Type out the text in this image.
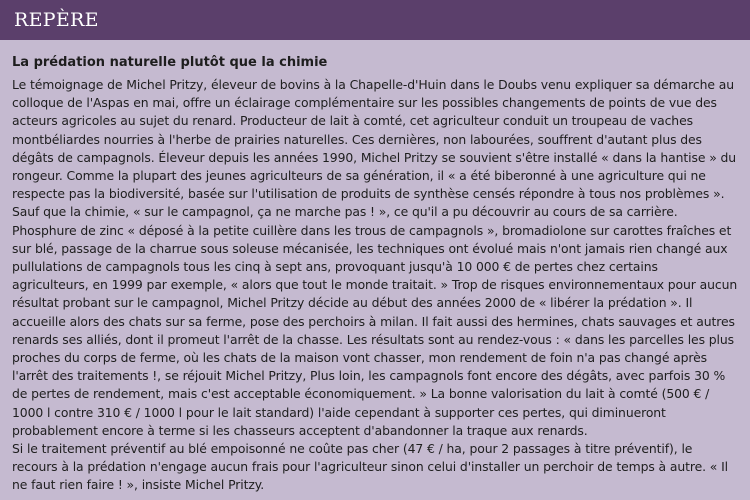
REPÈRE
La prédation naturelle plutôt que la chimie

Le témoignage de Michel Pritzy, éleveur de bovins à la Chapelle-d'Huin dans le Doubs venu expliquer sa démarche au colloque de l'Aspas en mai, offre un éclairage complémentaire sur les possibles changements de points de vue des acteurs agricoles au sujet du renard. Producteur de lait à comté, cet agriculteur conduit un troupeau de vaches montbéliardes nourries à l'herbe de prairies naturelles. Ces dernières, non labourées, souffrent d'autant plus des dégâts de campagnols. Éleveur depuis les années 1990, Michel Pritzy se souvient s'être installé « dans la hantise » du rongeur. Comme la plupart des jeunes agriculteurs de sa génération, il « a été biberonné à une agriculture qui ne respecte pas la biodiversité, basée sur l'utilisation de produits de synthèse censés répondre à tous nos problèmes ». Sauf que la chimie, « sur le campagnol, ça ne marche pas ! », ce qu'il a pu découvrir au cours de sa carrière.

Phosphure de zinc « déposé à la petite cuillère dans les trous de campagnols », bromadiolone sur carottes fraîches et sur blé, passage de la charrue sous soleuse mécanisée, les techniques ont évolué mais n'ont jamais rien changé aux pullulations de campagnols tous les cinq à sept ans, provoquant jusqu'à 10 000 € de pertes chez certains agriculteurs, en 1999 par exemple, « alors que tout le monde traitait. » Trop de risques environnementaux pour aucun résultat probant sur le campagnol, Michel Pritzy décide au début des années 2000 de « libérer la prédation ». Il accueille alors des chats sur sa ferme, pose des perchoirs à milan. Il fait aussi des hermines, chats sauvages et autres renards ses alliés, dont il promeut l'arrêt de la chasse. Les résultats sont au rendez-vous : « dans les parcelles les plus proches du corps de ferme, où les chats de la maison vont chasser, mon rendement de foin n'a pas changé après l'arrêt des traitements !, se réjouit Michel Pritzy, Plus loin, les campagnols font encore des dégâts, avec parfois 30 % de pertes de rendement, mais c'est acceptable économiquement. » La bonne valorisation du lait à comté (500 € / 1000 l contre 310 € / 1000 l pour le lait standard) l'aide cependant à supporter ces pertes, qui diminueront probablement encore à terme si les chasseurs acceptent d'abandonner la traque aux renards.

Si le traitement préventif au blé empoisonné ne coûte pas cher (47 € / ha, pour 2 passages à titre préventif), le recours à la prédation n'engage aucun frais pour l'agriculteur sinon celui d'installer un perchoir de temps à autre. « Il ne faut rien faire ! », insiste Michel Pritzy.
